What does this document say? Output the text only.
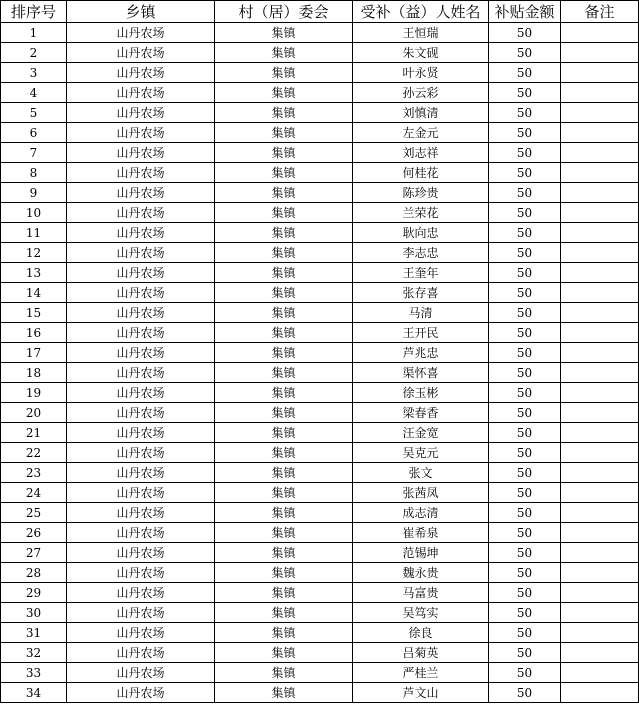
排序号	乡镇	村（居）委会	受补（益）人姓名	补贴金额	备注
1	山丹农场	集镇	王恒瑞	50	
2	山丹农场	集镇	朱文砚	50	
3	山丹农场	集镇	叶永贤	50	
4	山丹农场	集镇	孙云彩	50	
5	山丹农场	集镇	刘慎清	50	
6	山丹农场	集镇	左金元	50	
7	山丹农场	集镇	刘志祥	50	
8	山丹农场	集镇	何桂花	50	
9	山丹农场	集镇	陈珍贵	50	
10	山丹农场	集镇	兰荣花	50	
11	山丹农场	集镇	耿向忠	50	
12	山丹农场	集镇	李志忠	50	
13	山丹农场	集镇	王奎年	50	
14	山丹农场	集镇	张存喜	50	
15	山丹农场	集镇	马清	50	
16	山丹农场	集镇	王开民	50	
17	山丹农场	集镇	芦兆忠	50	
18	山丹农场	集镇	渠怀喜	50	
19	山丹农场	集镇	徐玉彬	50	
20	山丹农场	集镇	梁春香	50	
21	山丹农场	集镇	汪金宽	50	
22	山丹农场	集镇	吴克元	50	
23	山丹农场	集镇	张文	50	
24	山丹农场	集镇	张茜凤	50	
25	山丹农场	集镇	成志清	50	
26	山丹农场	集镇	崔希泉	50	
27	山丹农场	集镇	范锡坤	50	
28	山丹农场	集镇	魏永贵	50	
29	山丹农场	集镇	马富贵	50	
30	山丹农场	集镇	吴笃实	50	
31	山丹农场	集镇	徐良	50	
32	山丹农场	集镇	吕菊英	50	
33	山丹农场	集镇	严桂兰	50	
34	山丹农场	集镇	芦文山	50	
